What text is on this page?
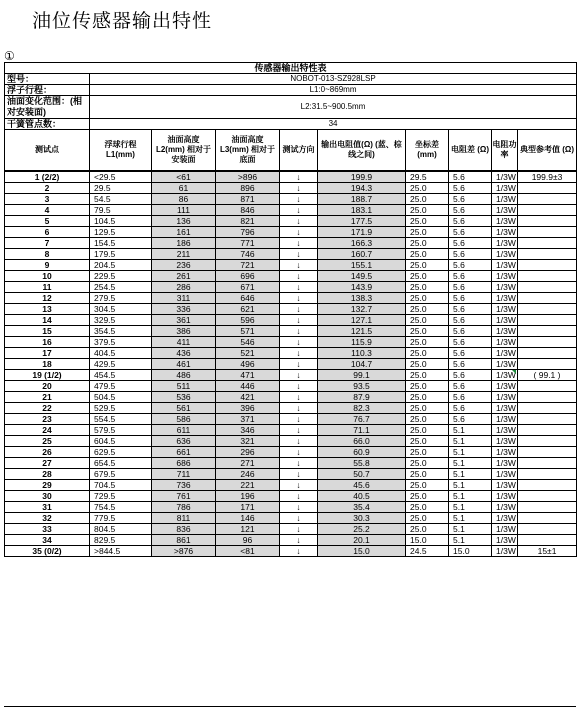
油位传感器输出特性
①
传感器输出特性表									
型号：	NOBOT-013-SZ928LSP								
浮子行程：	L1:0~869mm								
油面变化范围：(相对安装面)	L2:31.5~900.5mm								
干簧管点数：	34								
测试点	浮球行程 L1(mm)	油面高度 L2(mm) 相对于安装面	油面高度 L3(mm) 相对于底面	测试方向	输出电阻值(Ω) (蓝、棕线之间)	坐标差 (mm)	电阻差 (Ω)	电阻功率	典型参考值 (Ω)
1 (2/2)	<29.5	<61	>896	↓	199.9	29.5	5.6	1/3W	199.9±3
2	29.5	61	896	↓	194.3	25.0	5.6	1/3W	
3	54.5	86	871	↓	188.7	25.0	5.6	1/3W	
4	79.5	111	846	↓	183.1	25.0	5.6	1/3W	
5	104.5	136	821	↓	177.5	25.0	5.6	1/3W	
6	129.5	161	796	↓	171.9	25.0	5.6	1/3W	
7	154.5	186	771	↓	166.3	25.0	5.6	1/3W	
8	179.5	211	746	↓	160.7	25.0	5.6	1/3W	
9	204.5	236	721	↓	155.1	25.0	5.6	1/3W	
10	229.5	261	696	↓	149.5	25.0	5.6	1/3W	
11	254.5	286	671	↓	143.9	25.0	5.6	1/3W	
12	279.5	311	646	↓	138.3	25.0	5.6	1/3W	
13	304.5	336	621	↓	132.7	25.0	5.6	1/3W	
14	329.5	361	596	↓	127.1	25.0	5.6	1/3W	
15	354.5	386	571	↓	121.5	25.0	5.6	1/3W	
16	379.5	411	546	↓	115.9	25.0	5.6	1/3W	
17	404.5	436	521	↓	110.3	25.0	5.6	1/3W	
18	429.5	461	496	↓	104.7	25.0	5.6	1/3W	
19 (1/2)	454.5	486	471	↓	99.1	25.0	5.6	1/3W	( 99.1 )
20	479.5	511	446	↓	93.5	25.0	5.6	1/3W	
21	504.5	536	421	↓	87.9	25.0	5.6	1/3W	
22	529.5	561	396	↓	82.3	25.0	5.6	1/3W	
23	554.5	586	371	↓	76.7	25.0	5.6	1/3W	
24	579.5	611	346	↓	71.1	25.0	5.1	1/3W	
25	604.5	636	321	↓	66.0	25.0	5.1	1/3W	
26	629.5	661	296	↓	60.9	25.0	5.1	1/3W	
27	654.5	686	271	↓	55.8	25.0	5.1	1/3W	
28	679.5	711	246	↓	50.7	25.0	5.1	1/3W	
29	704.5	736	221	↓	45.6	25.0	5.1	1/3W	
30	729.5	761	196	↓	40.5	25.0	5.1	1/3W	
31	754.5	786	171	↓	35.4	25.0	5.1	1/3W	
32	779.5	811	146	↓	30.3	25.0	5.1	1/3W	
33	804.5	836	121	↓	25.2	25.0	5.1	1/3W	
34	829.5	861	96	↓	20.1	15.0	5.1	1/3W	
35 (0/2)	>844.5	>876	<81	↓	15.0	24.5	15.0	1/3W	15±1
